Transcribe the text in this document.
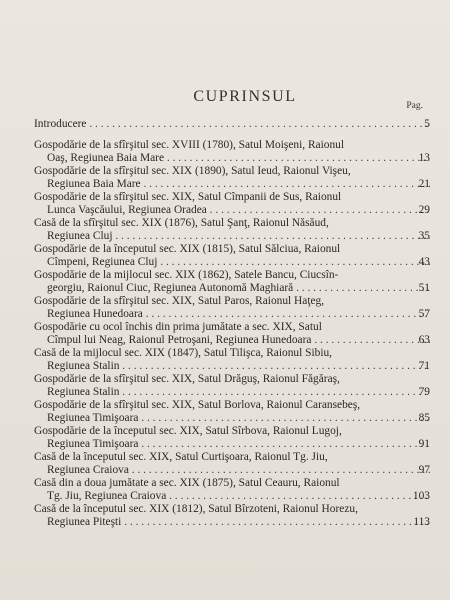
CUPRINSUL
Pag.
Introducere . . .	5
Gospodărie de la sfîrşitul sec. XVIII (1780), Satul Moişeni, Raionul
Oaş, Regiunea Baia Mare . . .	13
Gospodărie de la sfîrşitul sec. XIX (1890), Satul Ieud, Raionul Vişeu,
Regiunea Baia Mare . . .	21
Gospodărie de la sfîrşitul sec. XIX, Satul Cîmpanii de Sus, Raionul
Lunca Vaşcăului, Regiunea Oradea . . .	29
Casă de la sfîrşitul sec. XIX (1876), Satul Şanţ, Raionul Năsăud,
Regiunea Cluj . . .	35
Gospodărie de la începutul sec. XIX (1815), Satul Sălciua, Raionul
Cîmpeni, Regiunea Cluj . . .	43
Gospodărie de la mijlocul sec. XIX (1862), Satele Bancu, Ciucsîn-
georgiu, Raionul Ciuc, Regiunea Autonomă Maghiară . . .	51
Gospodărie de la sfîrşitul sec. XIX, Satul Paros, Raionul Haţeg,
Regiunea Hunedoara . . .	57
Gospodărie cu ocol închis din prima jumătate a sec. XIX, Satul
Cîmpul lui Neag, Raionul Petroşani, Regiunea Hunedoara . . .	63
Casă de la mijlocul sec. XIX (1847), Satul Tilişca, Raionul Sibiu,
Regiunea Stalin . . .	71
Gospodărie de la sfîrşitul sec. XIX, Satul Drăguş, Raionul Făgăraş,
Regiunea Stalin . . .	79
Gospodărie de la sfîrşitul sec. XIX, Satul Borlova, Raionul Caransebeş,
Regiunea Timişoara . . .	85
Gospodărie de la începutul sec. XIX, Satul Sîrbova, Raionul Lugoj,
Regiunea Timişoara . . .	91
Casă de la începutul sec. XIX, Satul Curtişoara, Raionul Tg. Jiu,
Regiunea Craiova . . .	97
Casă din a doua jumătate a sec. XIX (1875), Satul Ceauru, Raionul
Tg. Jiu, Regiunea Craiova . . .	103
Casă de la începutul sec. XIX (1812), Satul Bîrzoteni, Raionul Horezu,
Regiunea Piteşti . . .	113
